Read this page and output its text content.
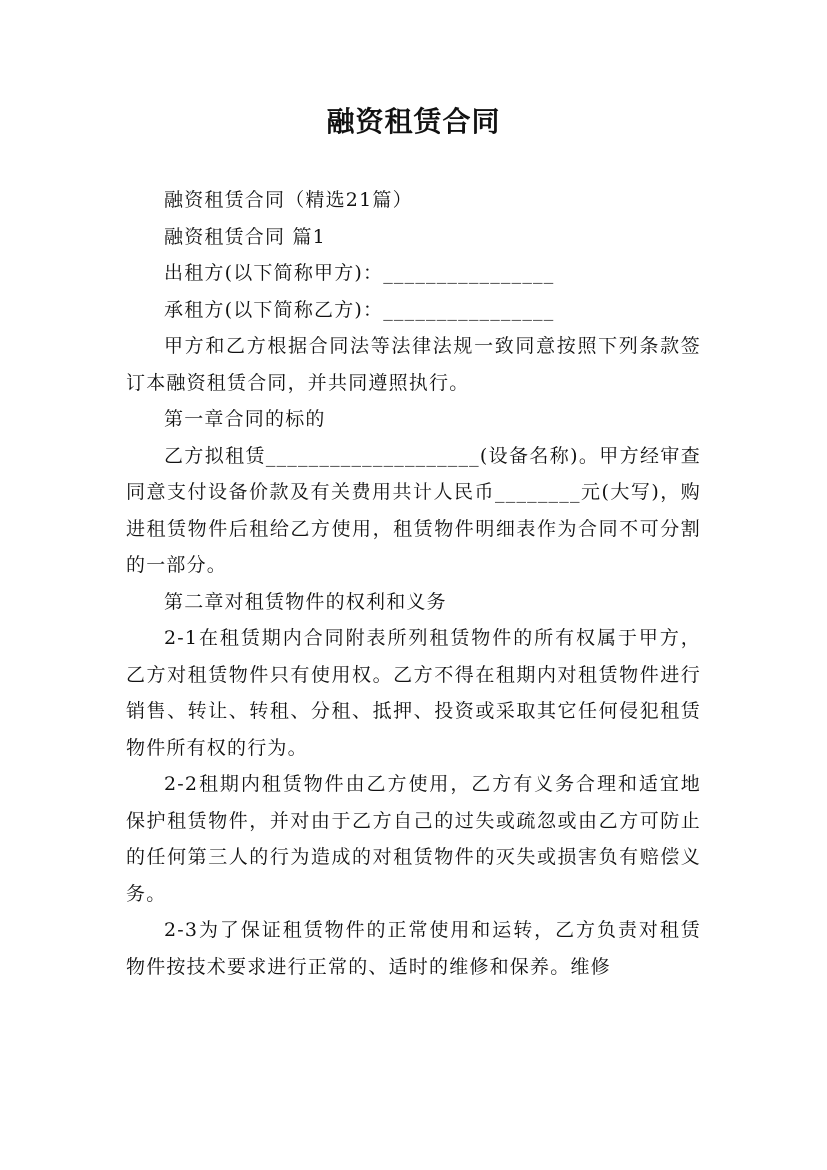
融资租赁合同

融资租赁合同（精选21篇）

融资租赁合同 篇1

出租方(以下简称甲方)：________________

承租方(以下简称乙方)：________________

甲方和乙方根据合同法等法律法规一致同意按照下列条款签订本融资租赁合同，并共同遵照执行。

第一章合同的标的

乙方拟租赁____________________(设备名称)。甲方经审查同意支付设备价款及有关费用共计人民币________元(大写)，购进租赁物件后租给乙方使用，租赁物件明细表作为合同不可分割的一部分。

第二章对租赁物件的权利和义务

2-1在租赁期内合同附表所列租赁物件的所有权属于甲方，乙方对租赁物件只有使用权。乙方不得在租期内对租赁物件进行销售、转让、转租、分租、抵押、投资或采取其它任何侵犯租赁物件所有权的行为。

2-2租期内租赁物件由乙方使用，乙方有义务合理和适宜地保护租赁物件，并对由于乙方自己的过失或疏忽或由乙方可防止的任何第三人的行为造成的对租赁物件的灭失或损害负有赔偿义务。

2-3为了保证租赁物件的正常使用和运转，乙方负责对租赁物件按技术要求进行正常的、适时的维修和保养。维修
